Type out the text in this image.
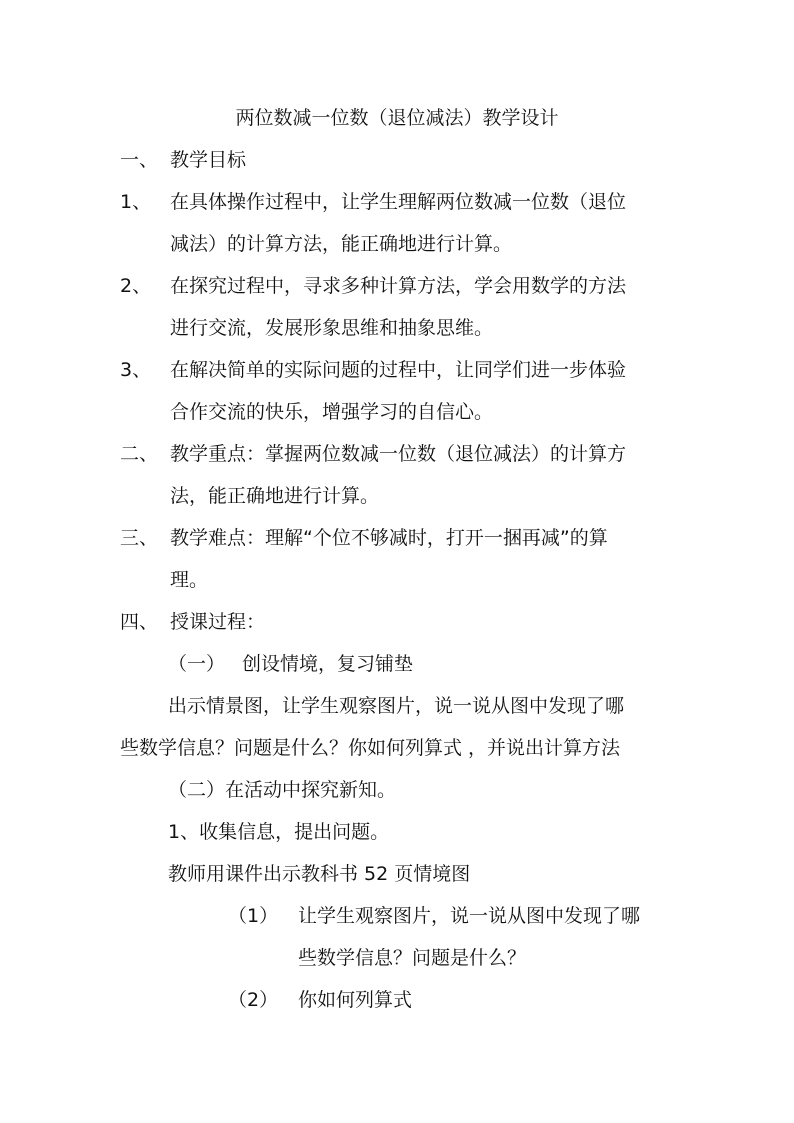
两位数减一位数（退位减法）教学设计
一、 教学目标
1、 在具体操作过程中，让学生理解两位数减一位数（退位
减法）的计算方法，能正确地进行计算。
2、 在探究过程中，寻求多种计算方法，学会用数学的方法
进行交流，发展形象思维和抽象思维。
3、 在解决简单的实际问题的过程中，让同学们进一步体验
合作交流的快乐，增强学习的自信心。
二、 教学重点：掌握两位数减一位数（退位减法）的计算方
法，能正确地进行计算。
三、 教学难点：理解“个位不够减时，打开一捆再减”的算
理。
四、 授课过程：
（一） 创设情境，复习铺垫
出示情景图，让学生观察图片，说一说从图中发现了哪
些数学信息？问题是什么？你如何列算式 ，并说出计算方法
（二）在活动中探究新知。
1、收集信息，提出问题。
教师用课件出示教科书 52 页情境图
（1） 让学生观察图片，说一说从图中发现了哪
些数学信息？问题是什么？
（2） 你如何列算式
